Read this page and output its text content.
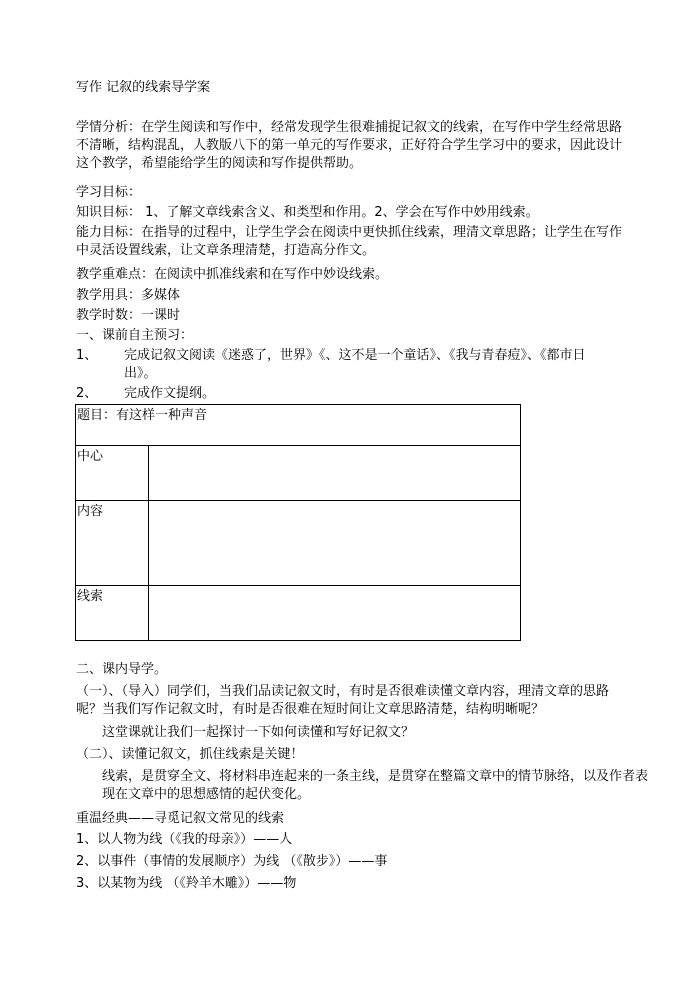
写作 记叙的线索导学案
学情分析：在学生阅读和写作中，经常发现学生很难捕捉记叙文的线索，在写作中学生经常思路不清晰，结构混乱，人教版八下的第一单元的写作要求，正好符合学生学习中的要求，因此设计这个教学，希望能给学生的阅读和写作提供帮助。
学习目标：
知识目标： 1、了解文章线索含义、和类型和作用。2、学会在写作中妙用线索。
能力目标：在指导的过程中，让学生学会在阅读中更快抓住线索，理清文章思路；让学生在写作中灵活设置线索，让文章条理清楚，打造高分作文。
教学重难点：在阅读中抓准线索和在写作中妙设线索。
教学用具：多媒体
教学时数：一课时
一、课前自主预习：
1、 完成记叙文阅读《迷惑了，世界》《、这不是一个童话》、《我与青春痘》、《都市日
出》。
2、 完成作文提纲。
题目：有这样一种声音	
中心	
内容	
线索	
二、课内导学。
（一）、（导入）同学们，当我们品读记叙文时，有时是否很难读懂文章内容，理清文章的思路呢？当我们写作记叙文时，有时是否很难在短时间让文章思路清楚，结构明晰呢？
这堂课就让我们一起探讨一下如何读懂和写好记叙文？
（二）、读懂记叙文，抓住线索是关键！
线索，是贯穿全文、将材料串连起来的一条主线，是贯穿在整篇文章中的情节脉络，以及作者表现在文章中的思想感情的起伏变化。
重温经典——寻觅记叙文常见的线索
1、以人物为线（《我的母亲》）——人
2、以事件（事情的发展顺序）为线 （《散步》）——事
3、以某物为线 （《羚羊木雕》）——物
